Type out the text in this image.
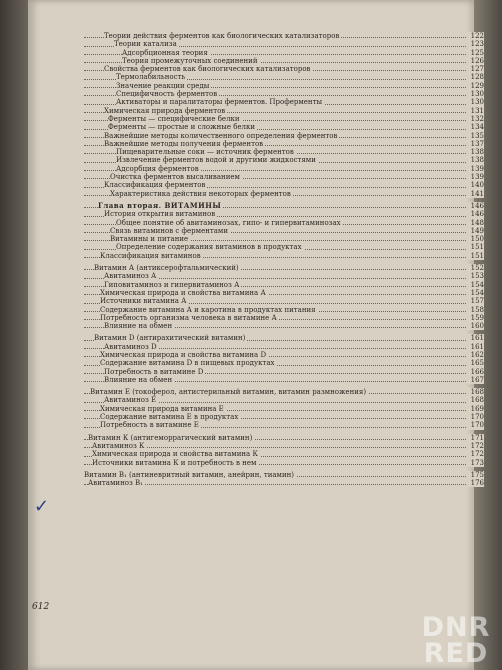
Теории действия ферментов как биологических катализаторов	122
Теории катализа	123
Адсорбционная теория	125
Теория промежуточных соединений	126
Свойства ферментов как биологических катализаторов	127
Термолабильность	128
Значение реакции среды	129
Специфичность ферментов	130
Активаторы и паралитаторы ферментов. Проферменты	130
Химическая природа ферментов	131
Ферменты — специфические белки	132
Ферменты — простые и сложные белки	134
Важнейшие методы количественного определения ферментов	135
Важнейшие методы получения ферментов	137
Пищеварительные соки — источник ферментов	138
Извлечение ферментов водой и другими жидкостями	138
Адсорбция ферментов	139
Очистка ферментов высаливанием	139
Классификация ферментов	140
Характеристика действия некоторых ферментов	141
Глава вторая. ВИТАМИНЫ	146
История открытия витаминов	146
Общее понятие об авитаминозах, гипо- и гипервитаминозах	148
Связь витаминов с ферментами	149
Витамины и питание	150
Определение содержания витаминов в продуктах	151
Классификация витаминов	151
Витамин А (антиксерофтальмический)	152
Авитаминоз А	153
Гиповитаминоз и гипервитаминоз А	154
Химическая природа и свойства витамина А	154
Источники витамина А	157
Содержание витамина А и каротина в продуктах питания	158
Потребность организма человека в витамине А	159
Влияние на обмен	160
Витамин D (антирахитический витамин)	161
Авитаминоз D	161
Химическая природа и свойства витамина D	162
Содержание витамина D в пищевых продуктах	165
Потребность в витамине D	166
Влияние на обмен	167
Витамин Е (токоферол, антистерильный витамин, витамин размножения)	168
Авитаминоз Е	168
Химическая природа витамина Е	169
Содержание витамина Е в продуктах	170
Потребность в витамине Е	170
Витамин К (антигеморрагический витамин)	171
Авитаминоз К	172
Химическая природа и свойства витамина К	172
Источники витамина К и потребность в нем	173
Витамин В₁ (антиневритный витамин, анейрин, тиамин)	175
Авитаминоз В₁	176
✓
612
DNR
RED
